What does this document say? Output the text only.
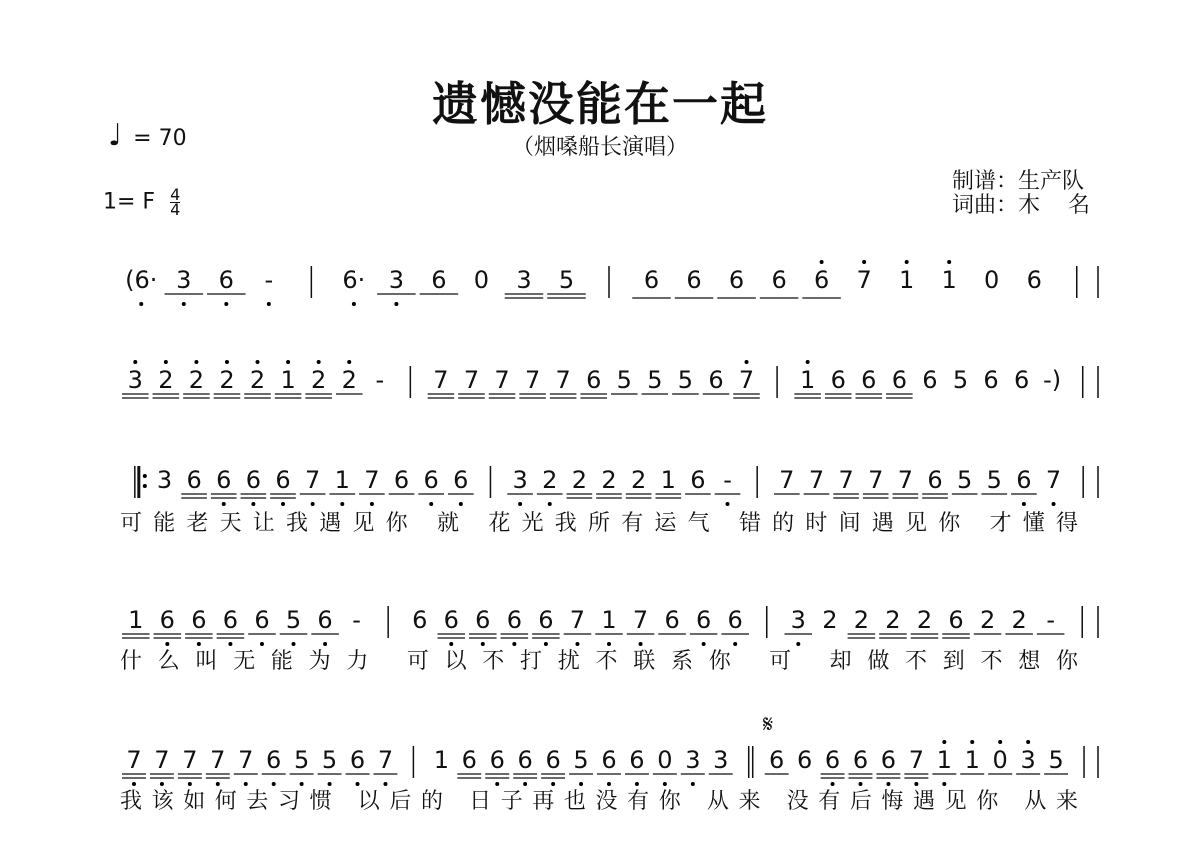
遗憾没能在一起
（烟嗓船长演唱）
♩ = 70
1= F $\frac{4}{4}$
制谱：生产队
词曲：木    名
(6· 3 6 -	6· 3 6 0 3 5	6 6 6 6 6 7 1 1 0 6
3 2 2 2 2 1 2 2 - 7 7 7 7 7 6 5 5 5 6 7 1 6 6 6 6 5 6 6 -)
3 6 6 6 6 7 1 7 6 6 6 3 2 2 2 2 1 6 - 7 7 7 7 7 6 5 5 6 7
可能老天让我遇见你 就 花光我所有运气 错的时间遇见你 才懂得
1 6 6 6 6 5 6 - 6 6 6 6 6 7 1 7 6 6 6 3 2 2 2 2 6 2 2 -
什么叫无能为力 可以不打扰不联系你 可 却做不到不想你
7 7 7 7 7 6 5 5 6 7 1 6 6 6 6 5 6 6 0 3 3 6 6 6 6 6 7 1 1 0 3 5
我该如何去习惯 以后的 日子再也没有你 从来 没有后悔遇见你 从来
𝄋
